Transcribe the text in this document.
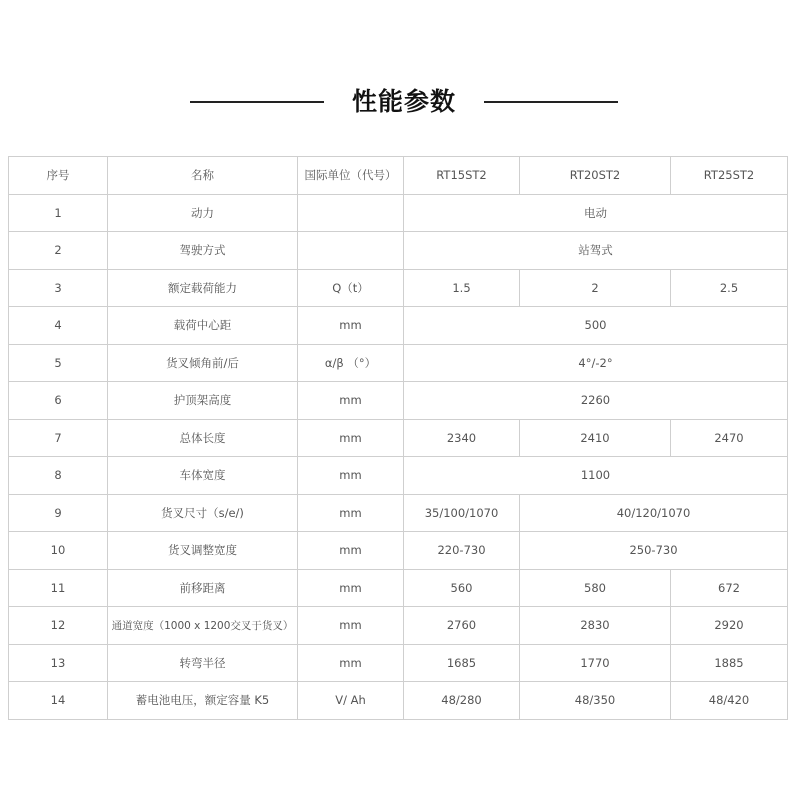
性能参数
序号	名称	国际单位（代号）	RT15ST2	RT20ST2	RT25ST2
1	动力		电动		
2	驾驶方式		站驾式		
3	额定载荷能力	Q（t）	1.5	2	2.5
4	载荷中心距	mm	500		
5	货叉倾角前/后	α/β （°）	4°/-2°		
6	护顶架高度	mm	2260		
7	总体长度	mm	2340	2410	2470
8	车体宽度	mm	1100		
9	货叉尺寸（s/e/)	mm	35/100/1070	40/120/1070	
10	货叉调整宽度	mm	220-730	250-730	
11	前移距离	mm	560	580	672
12	通道宽度（1000 x 1200交叉于货叉）	mm	2760	2830	2920
13	转弯半径	mm	1685	1770	1885
14	蓄电池电压，额定容量 K5	V/ Ah	48/280	48/350	48/420
